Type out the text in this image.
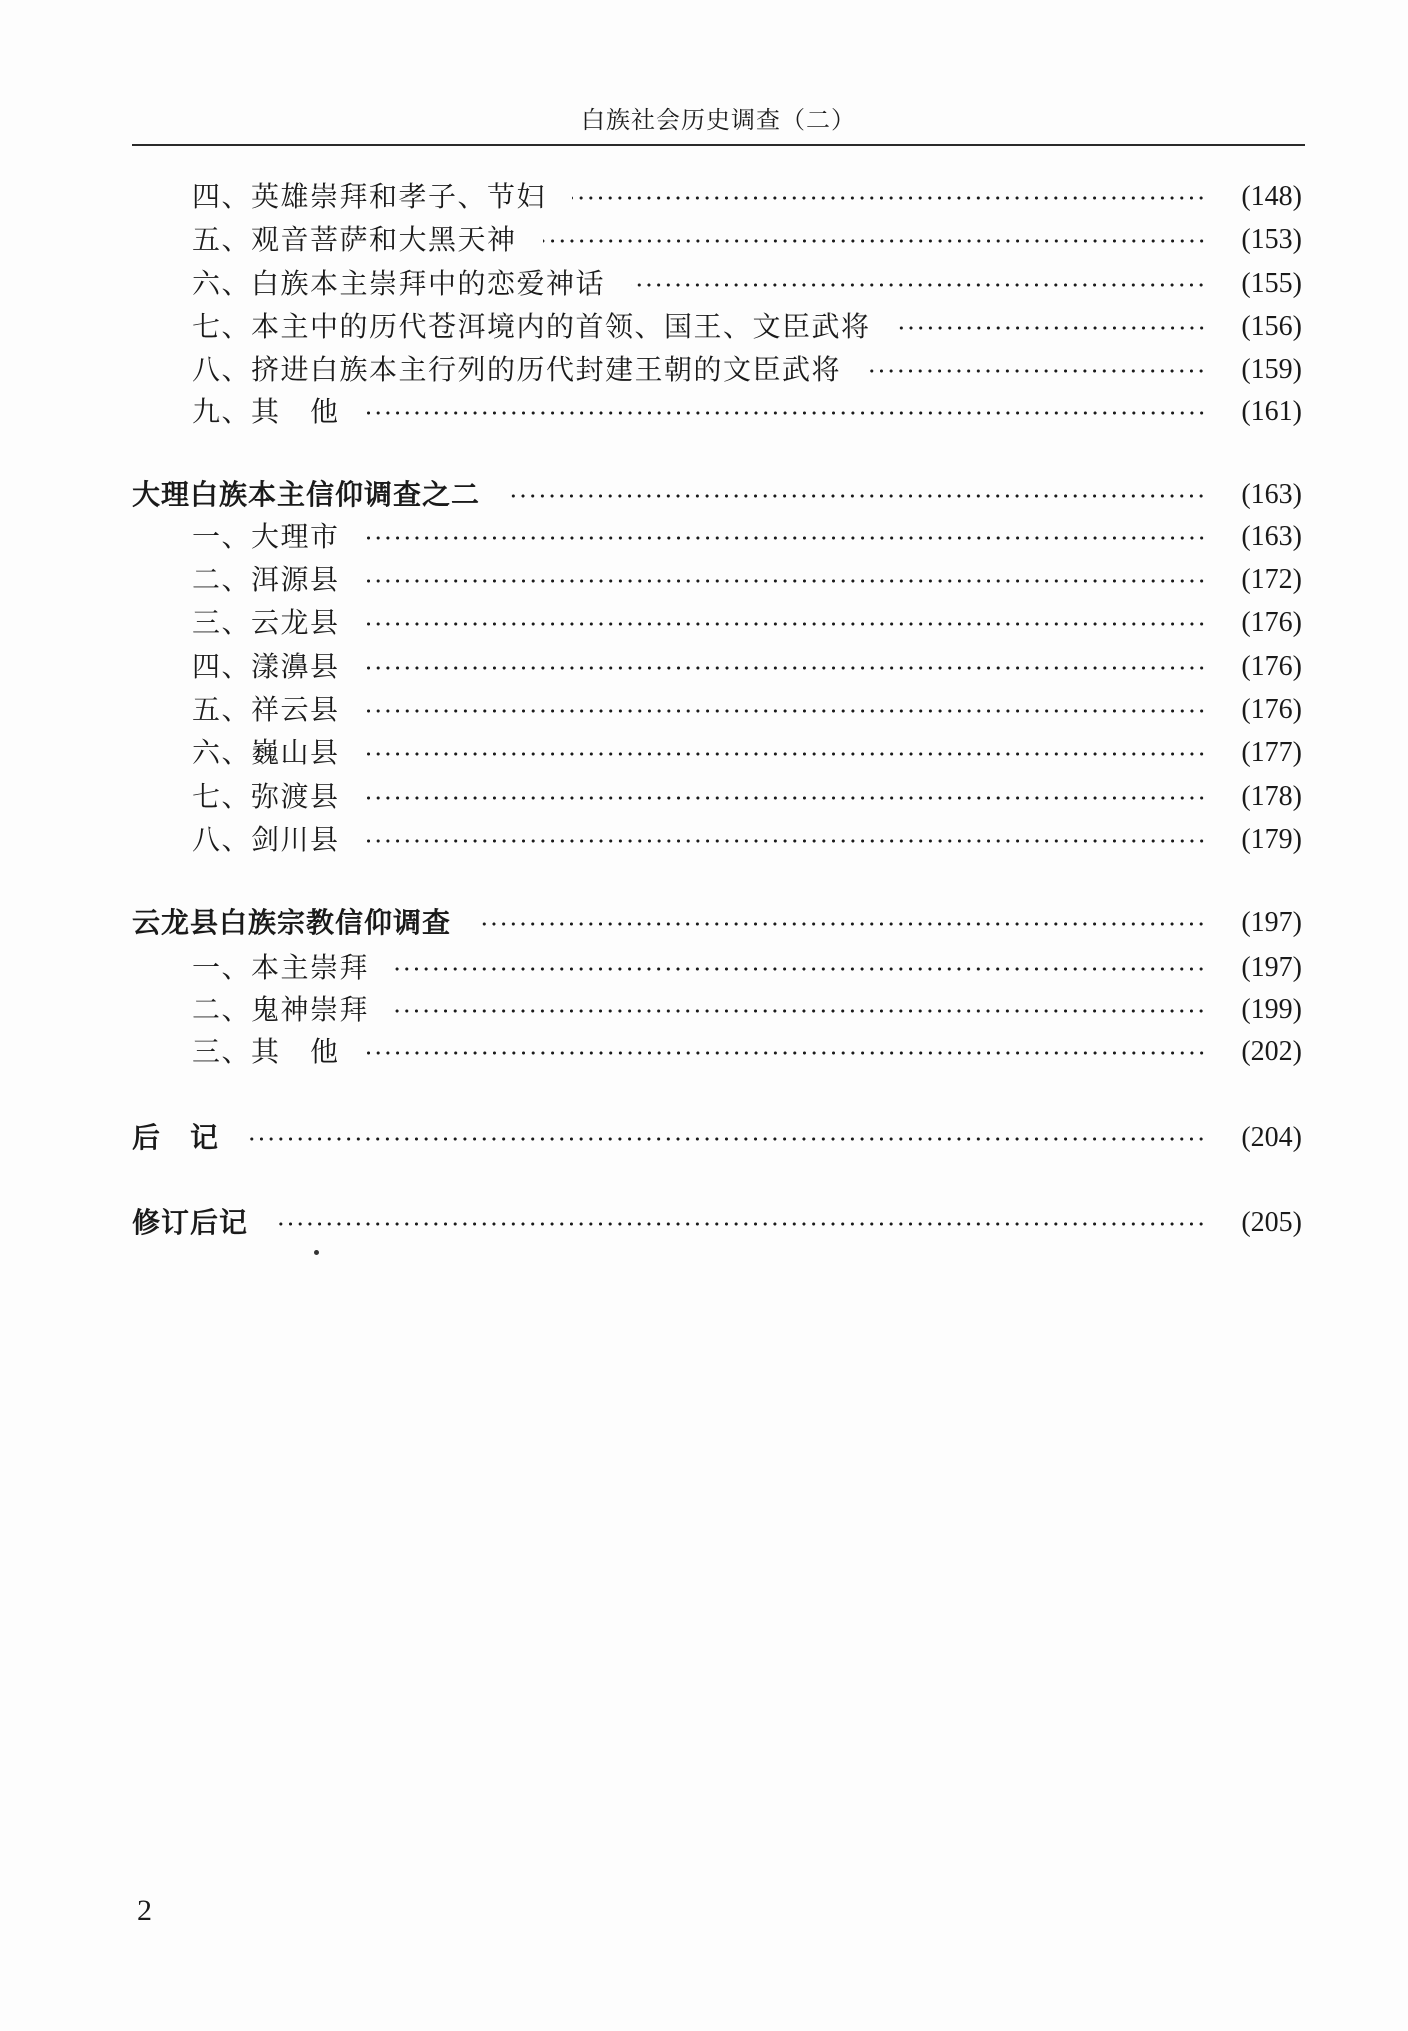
白族社会历史调查（二）
四、英雄崇拜和孝子、节妇	(148)
五、观音菩萨和大黑天神	(153)
六、白族本主崇拜中的恋爱神话	(155)
七、本主中的历代苍洱境内的首领、国王、文臣武将	(156)
八、挤进白族本主行列的历代封建王朝的文臣武将	(159)
九、其　他	(161)
大理白族本主信仰调查之二	(163)
一、大理市	(163)
二、洱源县	(172)
三、云龙县	(176)
四、漾濞县	(176)
五、祥云县	(176)
六、巍山县	(177)
七、弥渡县	(178)
八、剑川县	(179)
云龙县白族宗教信仰调查	(197)
一、本主崇拜	(197)
二、鬼神崇拜	(199)
三、其　他	(202)
后　记	(204)
修订后记	(205)
2
